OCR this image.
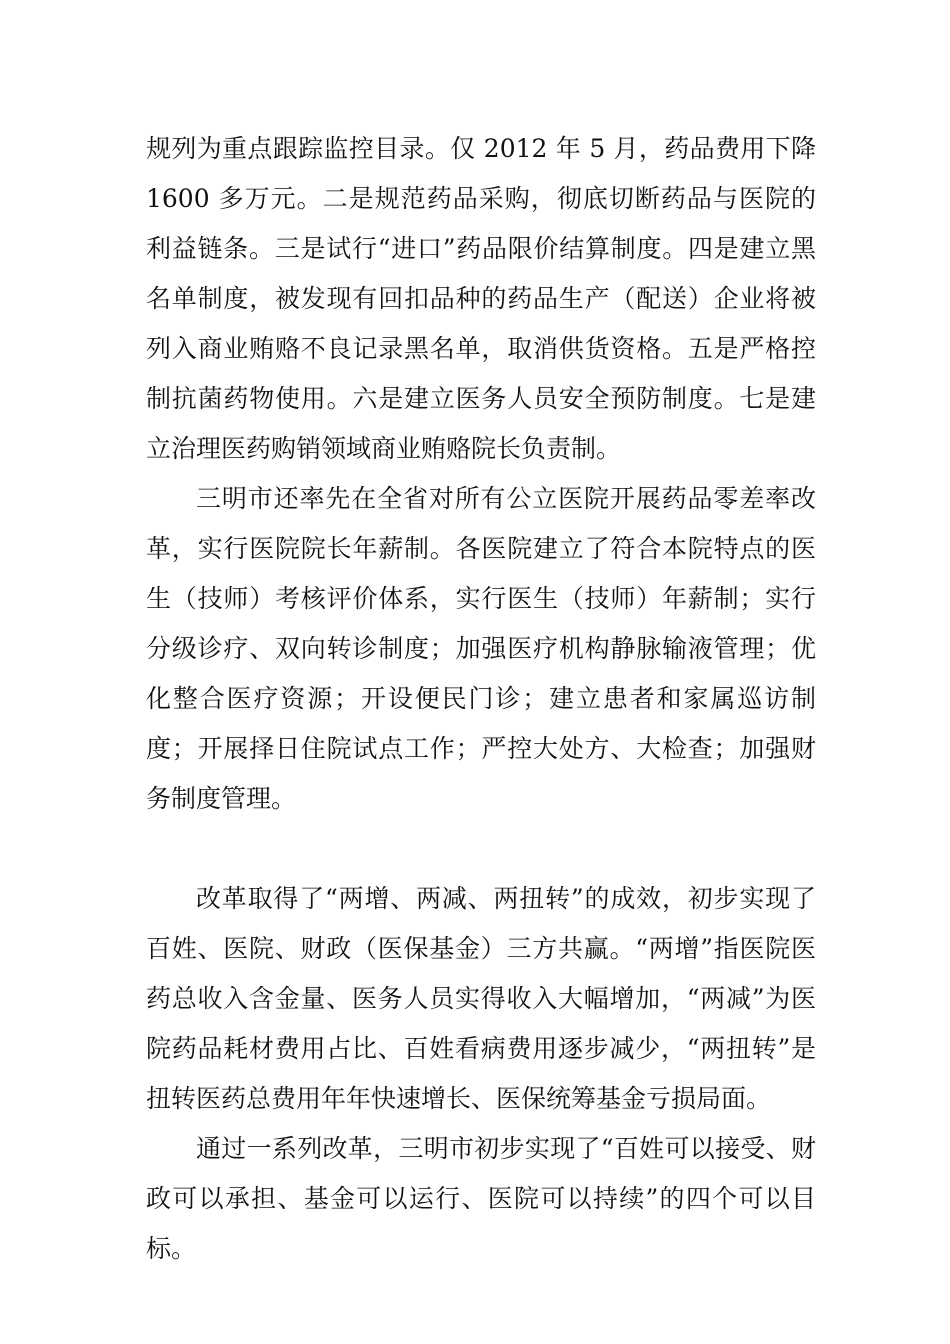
规列为重点跟踪监控目录。仅 2012 年 5 月，药品费用下降 1600 多万元。二是规范药品采购，彻底切断药品与医院的利益链条。三是试行“进口”药品限价结算制度。四是建立黑名单制度，被发现有回扣品种的药品生产（配送）企业将被列入商业贿赂不良记录黑名单，取消供货资格。五是严格控制抗菌药物使用。六是建立医务人员安全预防制度。七是建立治理医药购销领域商业贿赂院长负责制。

三明市还率先在全省对所有公立医院开展药品零差率改革，实行医院院长年薪制。各医院建立了符合本院特点的医生（技师）考核评价体系，实行医生（技师）年薪制；实行分级诊疗、双向转诊制度；加强医疗机构静脉输液管理；优化整合医疗资源；开设便民门诊；建立患者和家属巡访制度；开展择日住院试点工作；严控大处方、大检查；加强财务制度管理。

改革取得了“两增、两减、两扭转”的成效，初步实现了百姓、医院、财政（医保基金）三方共赢。“两增”指医院医药总收入含金量、医务人员实得收入大幅增加，“两减”为医院药品耗材费用占比、百姓看病费用逐步减少，“两扭转”是扭转医药总费用年年快速增长、医保统筹基金亏损局面。

通过一系列改革，三明市初步实现了“百姓可以接受、财政可以承担、基金可以运行、医院可以持续”的四个可以目标。
